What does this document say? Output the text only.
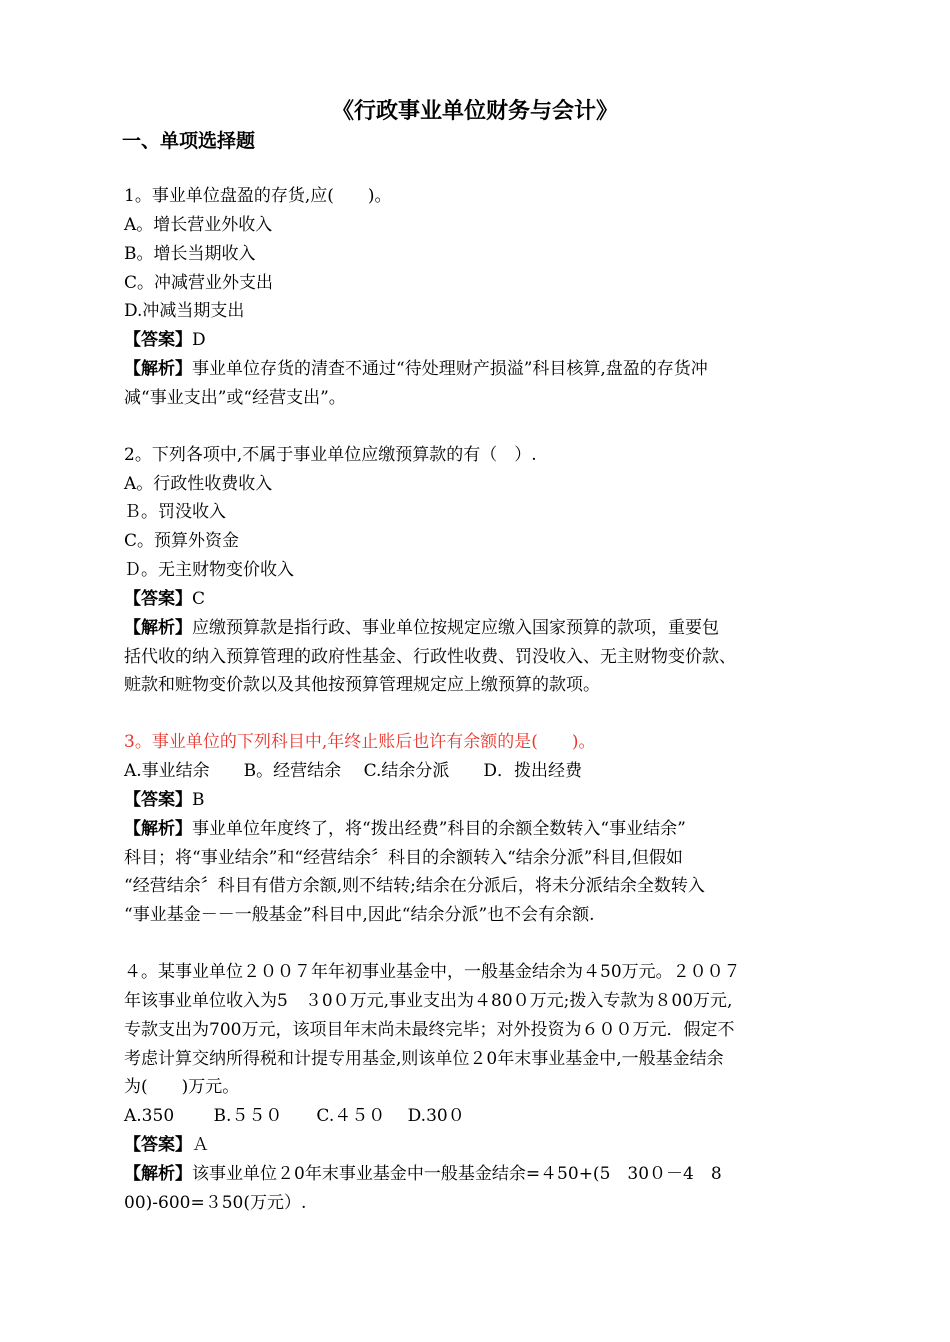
《行政事业单位财务与会计》
一、单项选择题
1。事业单位盘盈的存货,应(　　)。
A。增长营业外收入
B。增长当期收入
C。冲减营业外支出
D.冲减当期支出
【答案】D
【解析】事业单位存货的清查不通过“待处理财产损溢”科目核算,盘盈的存货冲
减“事业支出”或“经营支出”。
2。下列各项中,不属于事业单位应缴预算款的有（　）.
A。行政性收费收入
Ｂ。罚没收入
C。预算外资金
Ｄ。无主财物变价收入
【答案】C
【解析】应缴预算款是指行政、事业单位按规定应缴入国家预算的款项，重要包
括代收的纳入预算管理的政府性基金、行政性收费、罚没收入、无主财物变价款、
赃款和赃物变价款以及其他按预算管理规定应上缴预算的款项。
3。事业单位的下列科目中,年终止账后也许有余额的是(　　)。
A.事业结余　　B。经营结余　 C.结余分派　　D．拨出经费
【答案】B
【解析】事业单位年度终了，将“拨出经费”科目的余额全数转入“事业结余”
科目；将“事业结余”和“经营结余〞科目的余额转入“结余分派”科目,但假如
“经营结余〞科目有借方余额,则不结转;结余在分派后，将未分派结余全数转入
“事业基金－－一般基金”科目中,因此“结余分派”也不会有余额.
４。某事业单位２００７年年初事业基金中，一般基金结余为４50万元。２００７
年该事业单位收入为5　３0０万元,事业支出为４80０万元;拨入专款为８00万元,
专款支出为700万元，该项目年末尚未最终完毕；对外投资为６００万元．假定不
考虑计算交纳所得税和计提专用基金,则该单位２0年末事业基金中,一般基金结余
为(　　)万元。
A.350　　 B.５５０　　C.４５０　 D.30０
【答案】Ａ
【解析】该事业单位２0年末事业基金中一般基金结余=４50+(5　30０－4　8
00)-600=３50(万元）.
